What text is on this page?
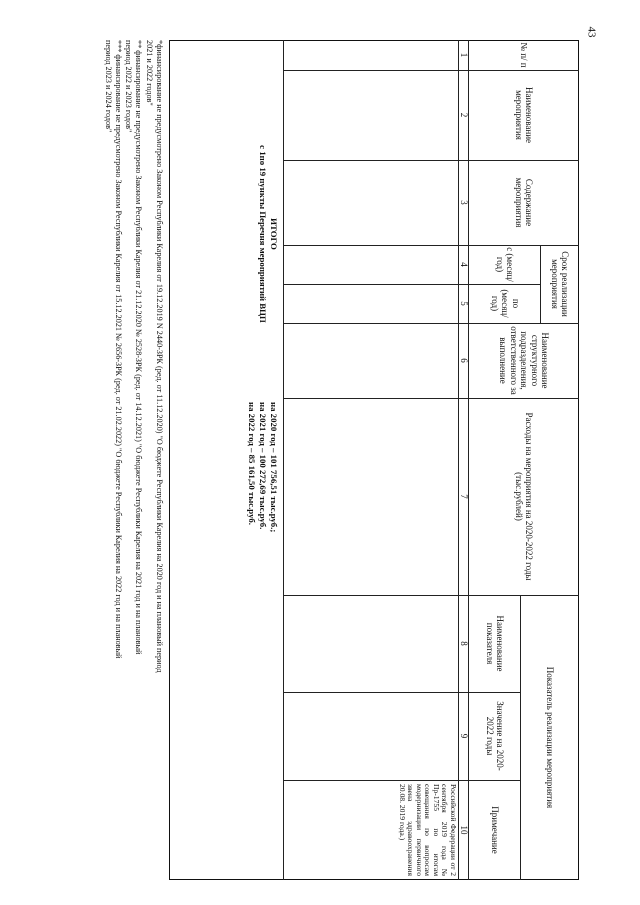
43
№ п/ п
Наименование мероприятия
Содержание мероприятия
Срок реализации мероприятия
с (месяц/ год)
по (месяц/ год)
Наименование структурного подразделения, ответственного за выполнение
Расходы на мероприятия на 2020-2022 годы (тыс.рублей)
Показатель реализации мероприятия
Наименование показателя
Значение на 2020-2022 годы
Примечание
1
2
3
4
5
6
7
8
9
10
Российской Федерации от 2 сентября 2019 года № Пр-1755 по итогам совещания по вопросам модернизации первичного звена здравоохранения 20.08. 2019 года.)
ИТОГО
с 1по 19 пункты Перечня мероприятий ВЦП
на 2020 год – 101 756,51 тыс.руб.;
на 2021 год – 100 272,69 тыс.руб.
на 2022 год – 85 161,50 тыс.руб.
*финансирование не предусмотрено Законом Республики Карелия от 19.12.2019 N 2440-ЗРК (ред. от 11.12.2020) "О бюджете Республики Карелия на 2020 год и на плановый период
2021 и 2022 годов"
** финансирование не предусмотрено Законом Республики Карелия от 21.12.2020 № 2528-ЗРК (ред. от 14.12.2021) "О бюджете Республики Карелия на 2021 год и на плановый
период 2022 и 2023 годов"
*** финансирование не предусмотрено Законом Республики Карелия от 15.12.2021 № 2656-ЗРК (ред. от 21.02.2022) "О бюджете Республики Карелия на 2022 год и на плановый
период 2023 и 2024 годов"
